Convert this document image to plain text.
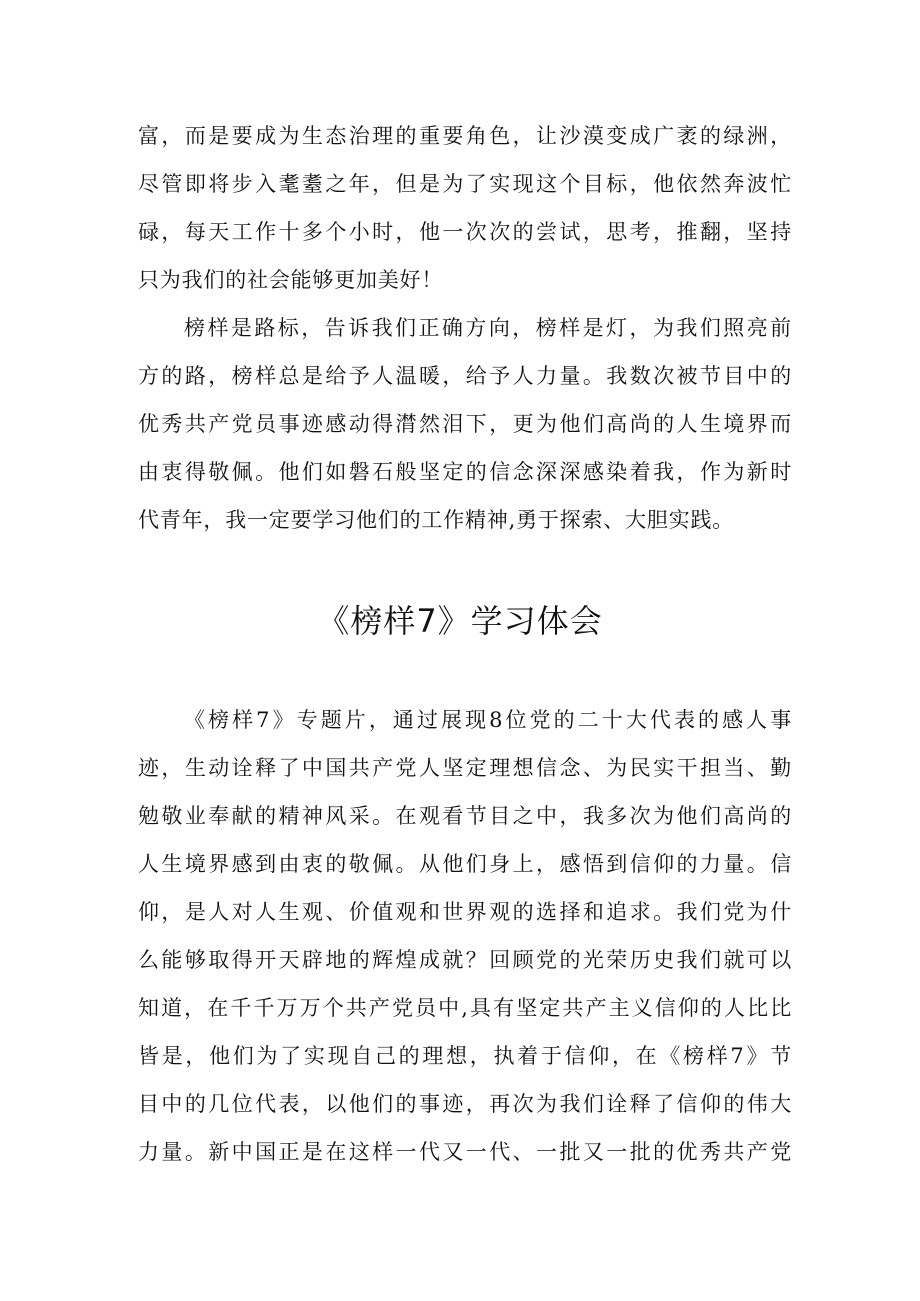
富，而是要成为生态治理的重要角色，让沙漠变成广袤的绿洲，
尽管即将步入耄耋之年，但是为了实现这个目标，他依然奔波忙
碌，每天工作十多个小时，他一次次的尝试，思考，推翻，坚持
只为我们的社会能够更加美好！
榜样是路标，告诉我们正确方向，榜样是灯，为我们照亮前
方的路，榜样总是给予人温暖，给予人力量。我数次被节目中的
优秀共产党员事迹感动得潸然泪下，更为他们高尚的人生境界而
由衷得敬佩。他们如磐石般坚定的信念深深感染着我，作为新时
代青年，我一定要学习他们的工作精神,勇于探索、大胆实践。
《榜样7》学习体会
《榜样7》专题片，通过展现8位党的二十大代表的感人事
迹，生动诠释了中国共产党人坚定理想信念、为民实干担当、勤
勉敬业奉献的精神风采。在观看节目之中，我多次为他们高尚的
人生境界感到由衷的敬佩。从他们身上，感悟到信仰的力量。信
仰，是人对人生观、价值观和世界观的选择和追求。我们党为什
么能够取得开天辟地的辉煌成就？回顾党的光荣历史我们就可以
知道，在千千万万个共产党员中,具有坚定共产主义信仰的人比比
皆是，他们为了实现自己的理想，执着于信仰，在《榜样7》节
目中的几位代表，以他们的事迹，再次为我们诠释了信仰的伟大
力量。新中国正是在这样一代又一代、一批又一批的优秀共产党
